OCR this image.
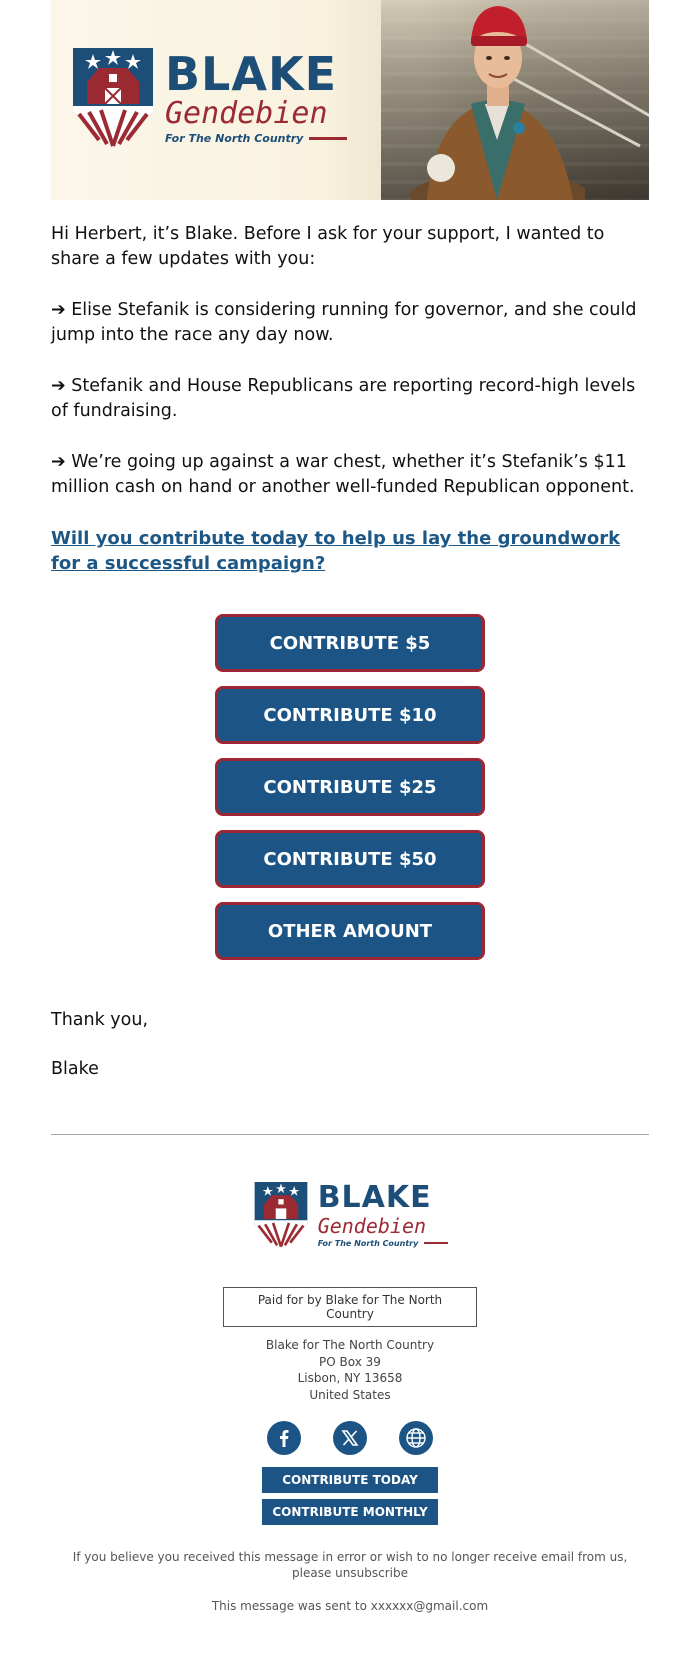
BLAKE
Gendebien
For The North Country

Hi Herbert, it’s Blake. Before I ask for your support, I wanted to share a few updates with you:

➔ Elise Stefanik is considering running for governor, and she could jump into the race any day now.

➔ Stefanik and House Republicans are reporting record-high levels of fundraising.

➔ We’re going up against a war chest, whether it’s Stefanik’s $11 million cash on hand or another well-funded Republican opponent.

Will you contribute today to help us lay the groundwork for a successful campaign?
CONTRIBUTE $5
CONTRIBUTE $10
CONTRIBUTE $25
CONTRIBUTE $50
OTHER AMOUNT

Thank you,

Blake

BLAKE
Gendebien
For The North Country
Paid for by Blake for The North Country
Blake for The North Country
PO Box 39
Lisbon, NY 13658
United States
CONTRIBUTE TODAY
CONTRIBUTE MONTHLY
If you believe you received this message in error or wish to no longer receive email from us, please unsubscribe
This message was sent to xxxxxx@gmail.com
